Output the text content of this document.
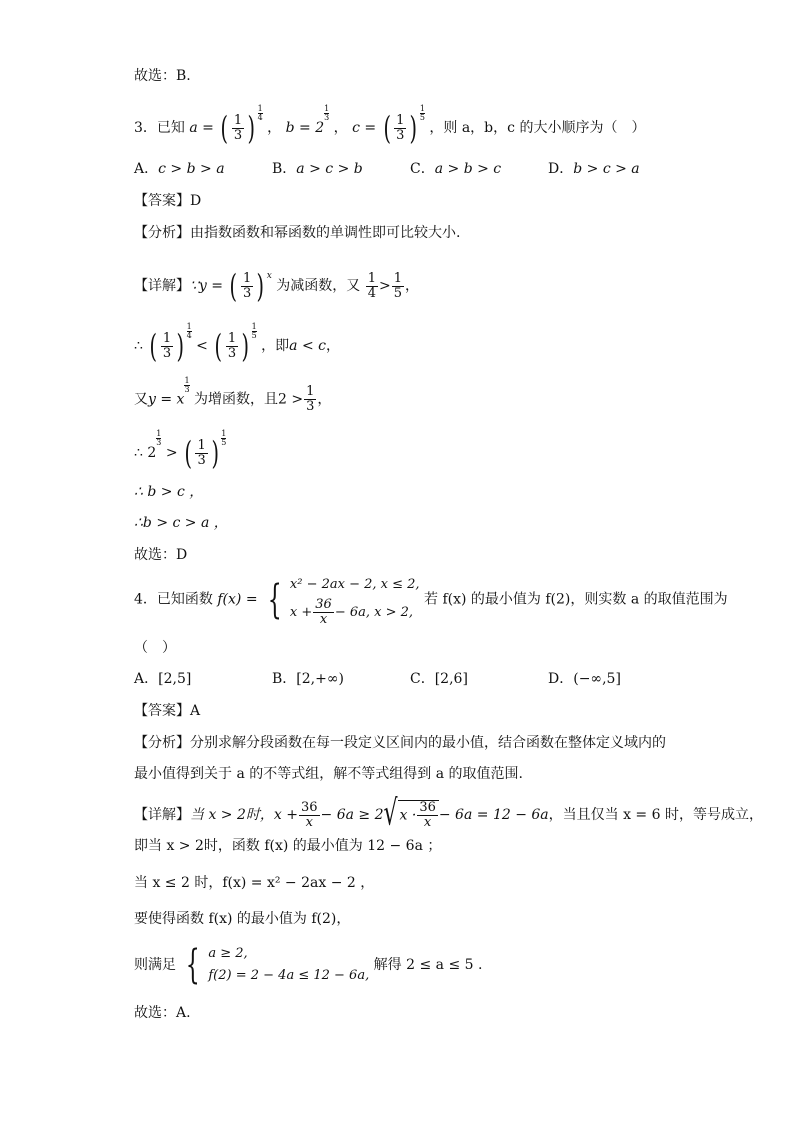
故选：B.
3．已知 a = ( $\frac{1}{3}$ ) $\frac{1}{4}$
， b = 2
$\frac{1}{3}$
， c = ( $\frac{1}{3}$ ) $\frac{1}{5}$
，则 a，b，c 的大小顺序为（　）
A．c > b > a	B．a > c > b	C．a > b > c	D．b > c > a
【答案】D
【分析】由指数函数和幂函数的单调性即可比较大小.
【详解】∵y = ( $\frac{1}{3}$ ) x
为减函数，又 $\frac{1}{4} > \frac{1}{5}$ ，
∴ ( $\frac{1}{3}$ ) $\frac{1}{4}$
< ( $\frac{1}{3}$ ) $\frac{1}{5}$
，即a < c，
又y = x
$\frac{1}{3}$
为增函数，且$2 > \frac{1}{3}$ ，
∴ 2
$\frac{1}{3}$
> ( $\frac{1}{3}$ ) $\frac{1}{5}$
∴ b > c ，
∴b > c > a ，
故选：D
4．已知函数 f(x) = { x² − 2ax − 2, x ≤ 2,
$x + \frac{36}{x} - 6a$, x > 2,
若 f(x) 的最小值为 f(2)，则实数 a 的取值范围为
（　）
A．[2,5]	B．[2,+∞)	C．[2,6]	D．(−∞,5]
【答案】A
【分析】分别求解分段函数在每一段定义区间内的最小值，结合函数在整体定义域内的
最小值得到关于 a 的不等式组，解不等式组得到 a 的取值范围.
【详解】当 x > 2时，$x + \frac{36}{x} - 6a \ge 2√$ $x \cdot \frac{36}{x} - 6a = 12 - 6a$，当且仅当 x = 6 时，等号成立，
即当 x > 2时，函数 f(x) 的最小值为 12 − 6a ；
当 x ≤ 2 时，f(x) = x² − 2ax − 2 ，
要使得函数 f(x) 的最小值为 f(2)，
则满足 { a ≥ 2,
f(2) = 2 − 4a ≤ 12 − 6a,
解得 2 ≤ a ≤ 5 .
故选：A.
